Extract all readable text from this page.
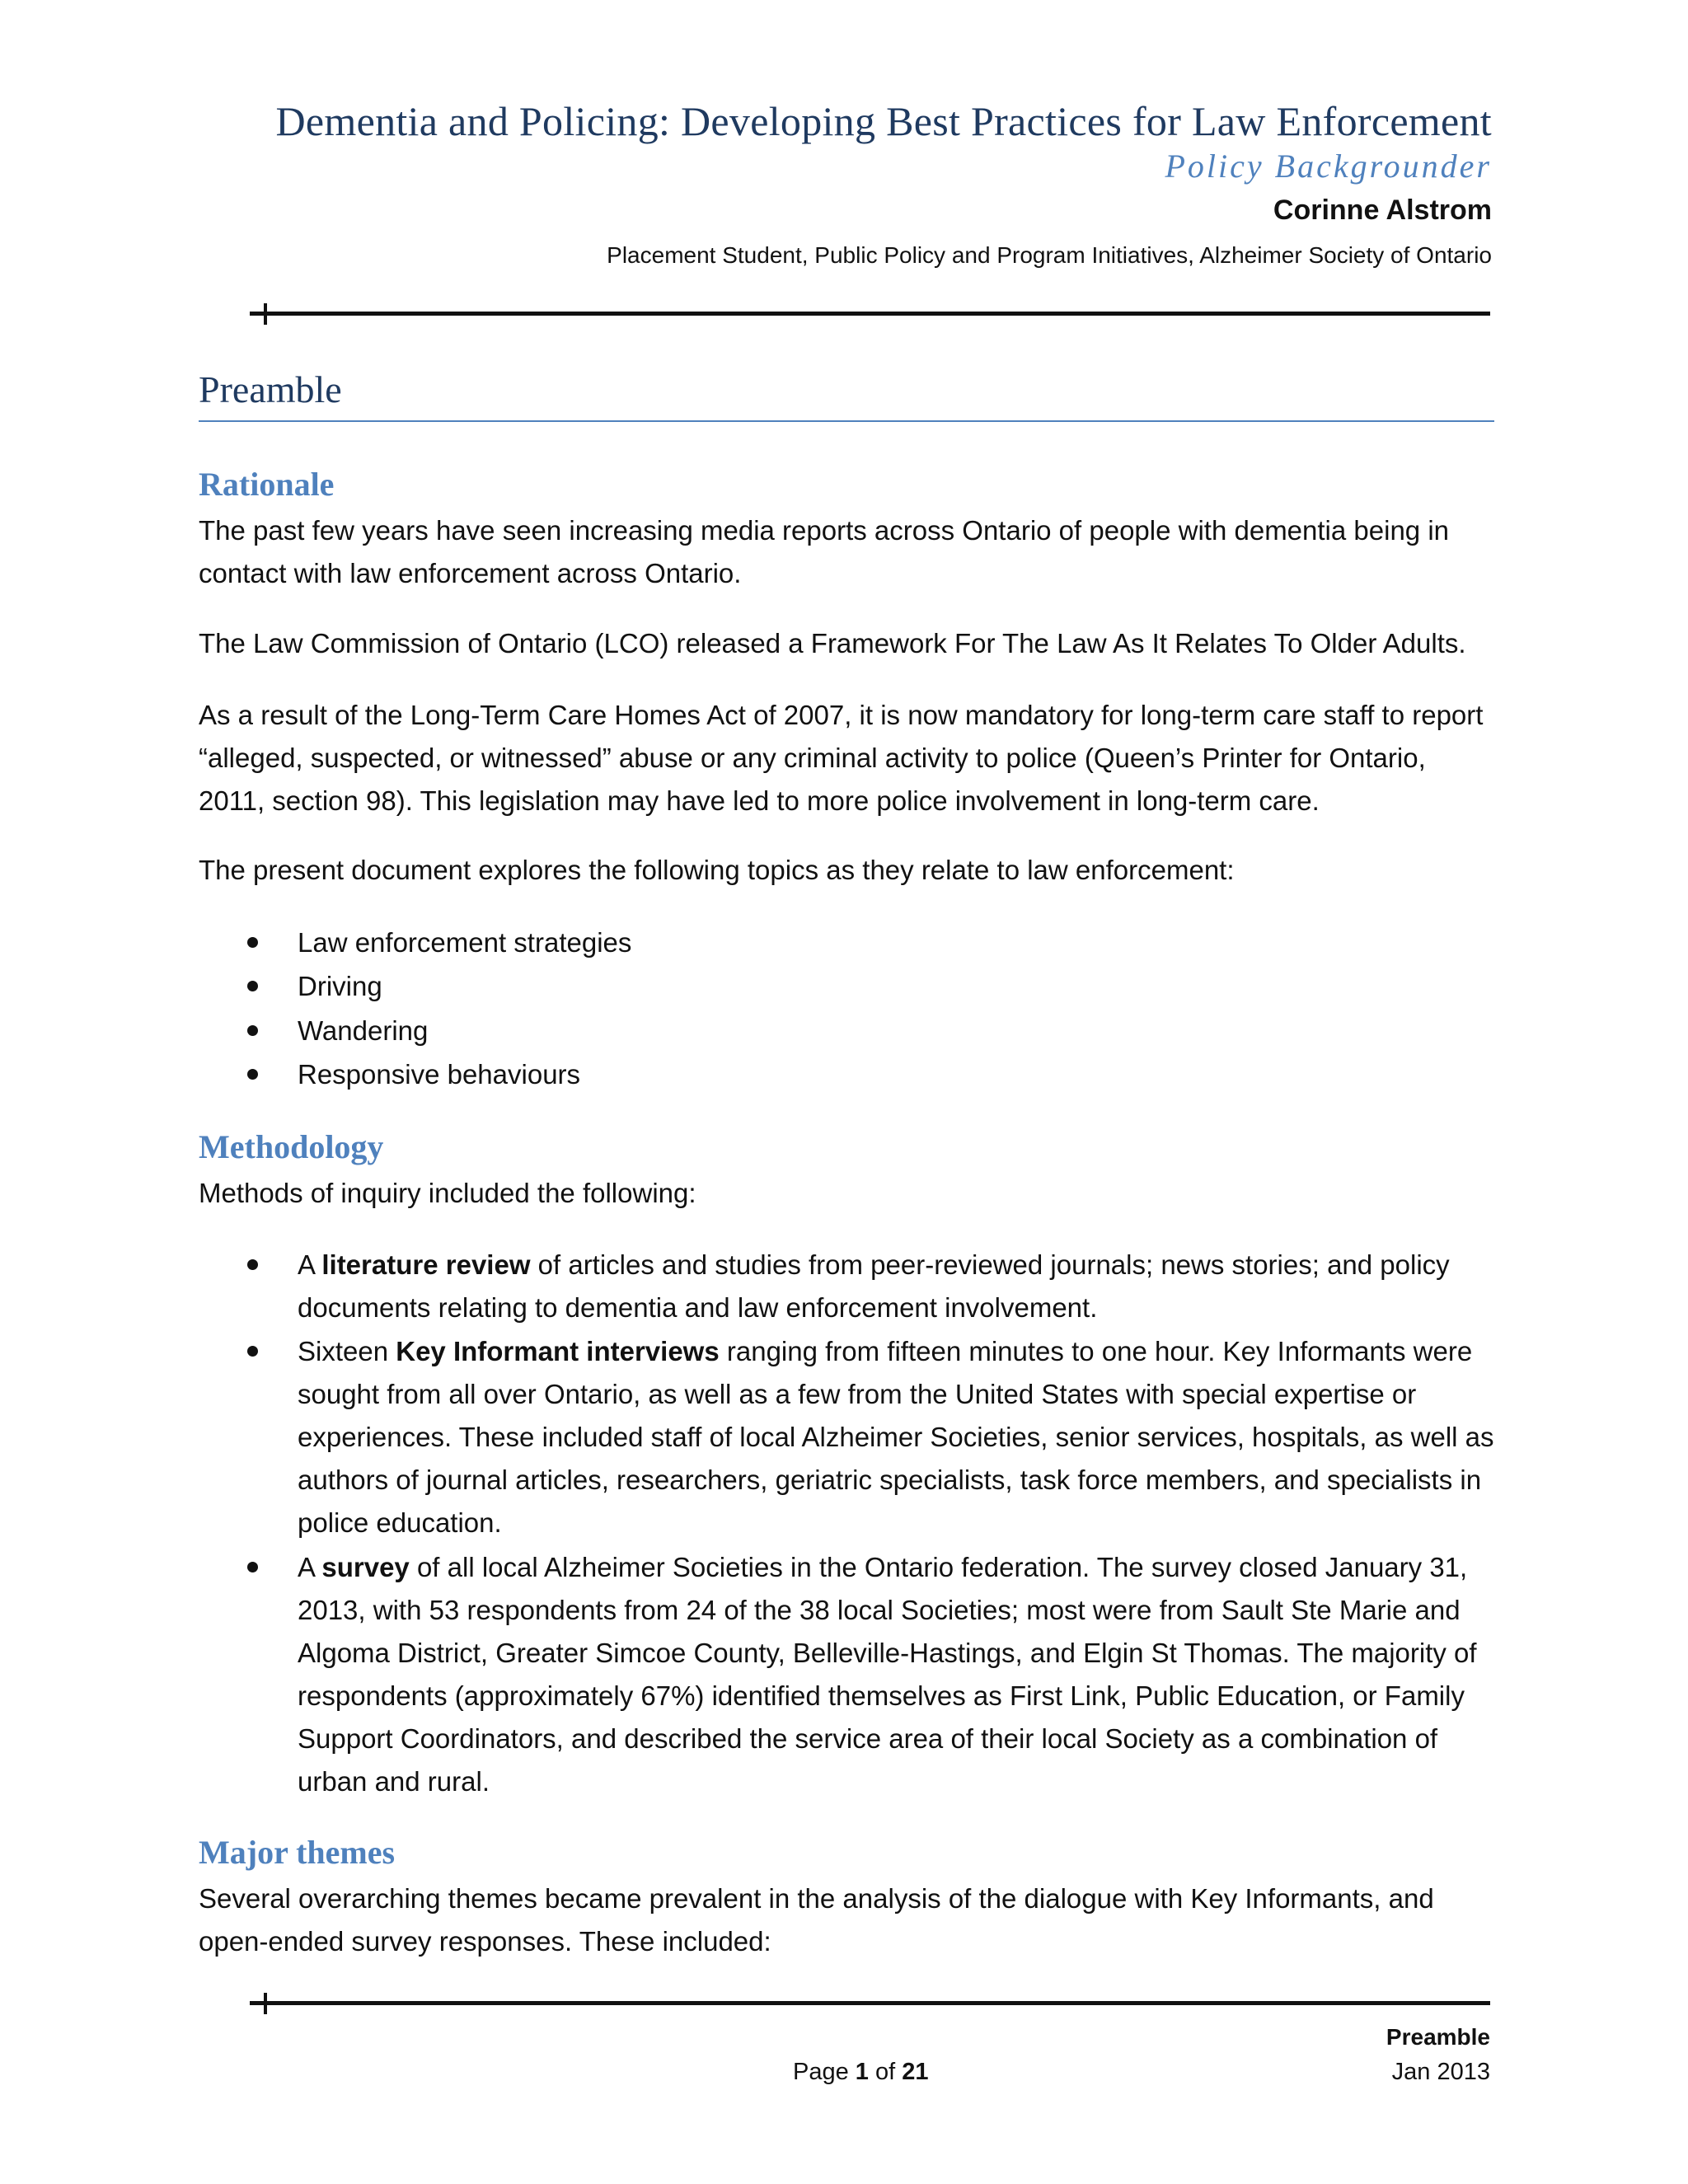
Dementia and Policing: Developing Best Practices for Law Enforcement
Policy Backgrounder
Corinne Alstrom
Placement Student, Public Policy and Program Initiatives, Alzheimer Society of Ontario
Preamble
Rationale
The past few years have seen increasing media reports across Ontario of people with dementia being in contact with law enforcement across Ontario.
The Law Commission of Ontario (LCO) released a Framework For The Law As It Relates To Older Adults.
As a result of the Long-Term Care Homes Act of 2007, it is now mandatory for long-term care staff to report “alleged, suspected, or witnessed” abuse or any criminal activity to police (Queen’s Printer for Ontario, 2011, section 98). This legislation may have led to more police involvement in long-term care.
The present document explores the following topics as they relate to law enforcement:
Law enforcement strategies
Driving
Wandering
Responsive behaviours
Methodology
Methods of inquiry included the following:
A literature review of articles and studies from peer-reviewed journals; news stories; and policy documents relating to dementia and law enforcement involvement.
Sixteen Key Informant interviews ranging from fifteen minutes to one hour. Key Informants were sought from all over Ontario, as well as a few from the United States with special expertise or experiences. These included staff of local Alzheimer Societies, senior services, hospitals, as well as authors of journal articles, researchers, geriatric specialists, task force members, and specialists in police education.
A survey of all local Alzheimer Societies in the Ontario federation. The survey closed January 31, 2013, with 53 respondents from 24 of the 38 local Societies; most were from Sault Ste Marie and Algoma District, Greater Simcoe County, Belleville-Hastings, and Elgin St Thomas. The majority of respondents (approximately 67%) identified themselves as First Link, Public Education, or Family Support Coordinators, and described the service area of their local Society as a combination of urban and rural.
Major themes
Several overarching themes became prevalent in the analysis of the dialogue with Key Informants, and open-ended survey responses. These included:
Preamble
Page 1 of 21	Jan 2013
